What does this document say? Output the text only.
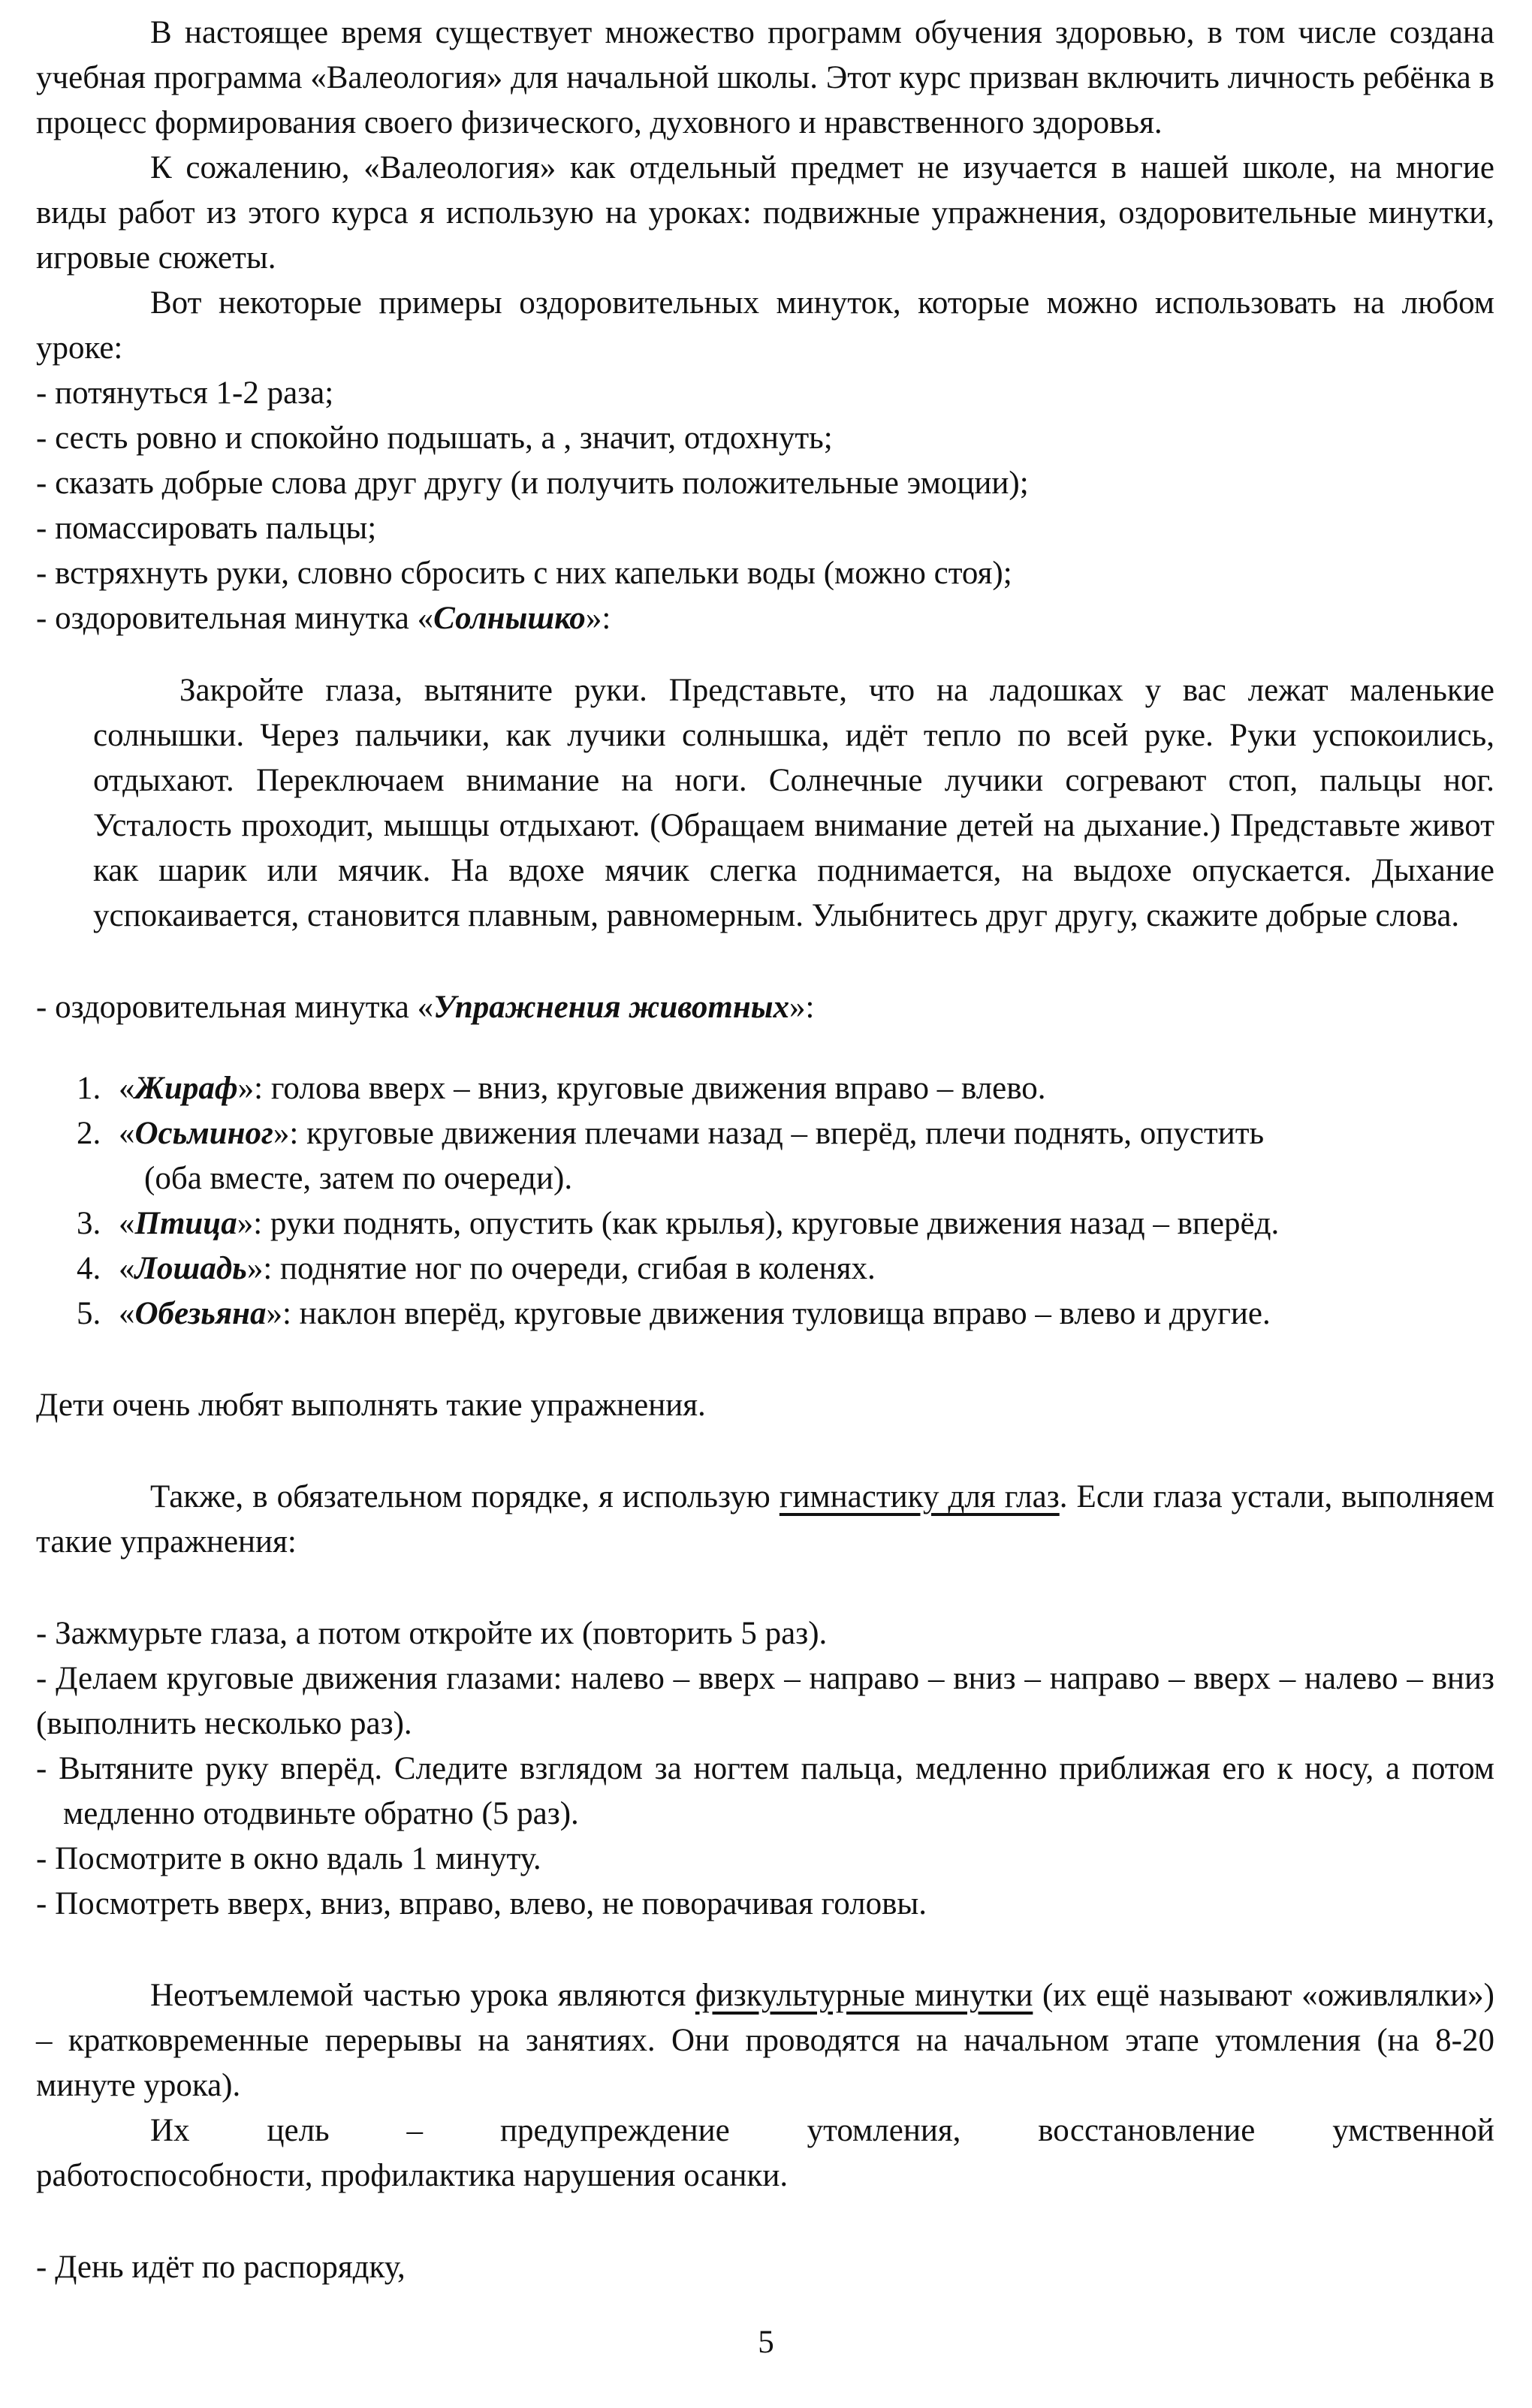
В настоящее время существует множество программ обучения здоровью, в том числе создана учебная программа «Валеология» для начальной школы. Этот курс призван включить личность ребёнка в процесс формирования своего физического, духовного и нравственного здоровья.

К сожалению, «Валеология» как отдельный предмет не изучается в нашей школе, на многие виды работ из этого курса я использую на уроках: подвижные упражнения, оздоровительные минутки, игровые сюжеты.

Вот некоторые примеры оздоровительных минуток, которые можно использовать на любом уроке:

- потянуться 1-2 раза;

- сесть ровно и спокойно подышать, а , значит, отдохнуть;

- сказать добрые слова друг другу (и получить положительные эмоции);

- помассировать пальцы;

- встряхнуть руки, словно сбросить с них капельки воды (можно стоя);

- оздоровительная минутка «Солнышко»:

Закройте глаза, вытяните руки. Представьте, что на ладошках у вас лежат маленькие солнышки. Через пальчики, как лучики солнышка, идёт тепло по всей руке. Руки успокоились, отдыхают. Переключаем внимание на ноги. Солнечные лучики согревают стоп, пальцы ног. Усталость проходит, мышцы отдыхают. (Обращаем внимание детей на дыхание.) Представьте живот как шарик или мячик. На вдохе мячик слегка поднимается, на выдохе опускается. Дыхание успокаивается, становится плавным, равномерным. Улыбнитесь друг другу, скажите добрые слова.

- оздоровительная минутка «Упражнения животных»:

1. «Жираф»: голова вверх – вниз, круговые движения вправо – влево.
2. «Осьминог»: круговые движения плечами назад – вперёд, плечи поднять, опустить
(оба вместе, затем по очереди).
3. «Птица»: руки поднять, опустить (как крылья), круговые движения назад – вперёд.
4. «Лошадь»: поднятие ног по очереди, сгибая в коленях.
5. «Обезьяна»: наклон вперёд, круговые движения туловища вправо – влево и другие.

Дети очень любят выполнять такие упражнения.

Также, в обязательном порядке, я использую гимнастику для глаз. Если глаза устали, выполняем такие упражнения:

- Зажмурьте глаза, а потом откройте их (повторить 5 раз).

- Делаем круговые движения глазами: налево – вверх – направо – вниз – направо – вверх – налево – вниз (выполнить несколько раз).

- Вытяните руку вперёд. Следите взглядом за ногтем пальца, медленно приближая его к носу, а потом медленно отодвиньте обратно (5 раз).

- Посмотрите в окно вдаль 1 минуту.

- Посмотреть вверх, вниз, вправо, влево, не поворачивая головы.

Неотъемлемой частью урока являются физкультурные минутки (их ещё называют «оживлялки») – кратковременные перерывы на занятиях. Они проводятся на начальном этапе утомления (на 8-20 минуте урока).

Их цель – предупреждение утомления, восстановление умственной

работоспособности, профилактика нарушения осанки.

- День идёт по распорядку,

5
